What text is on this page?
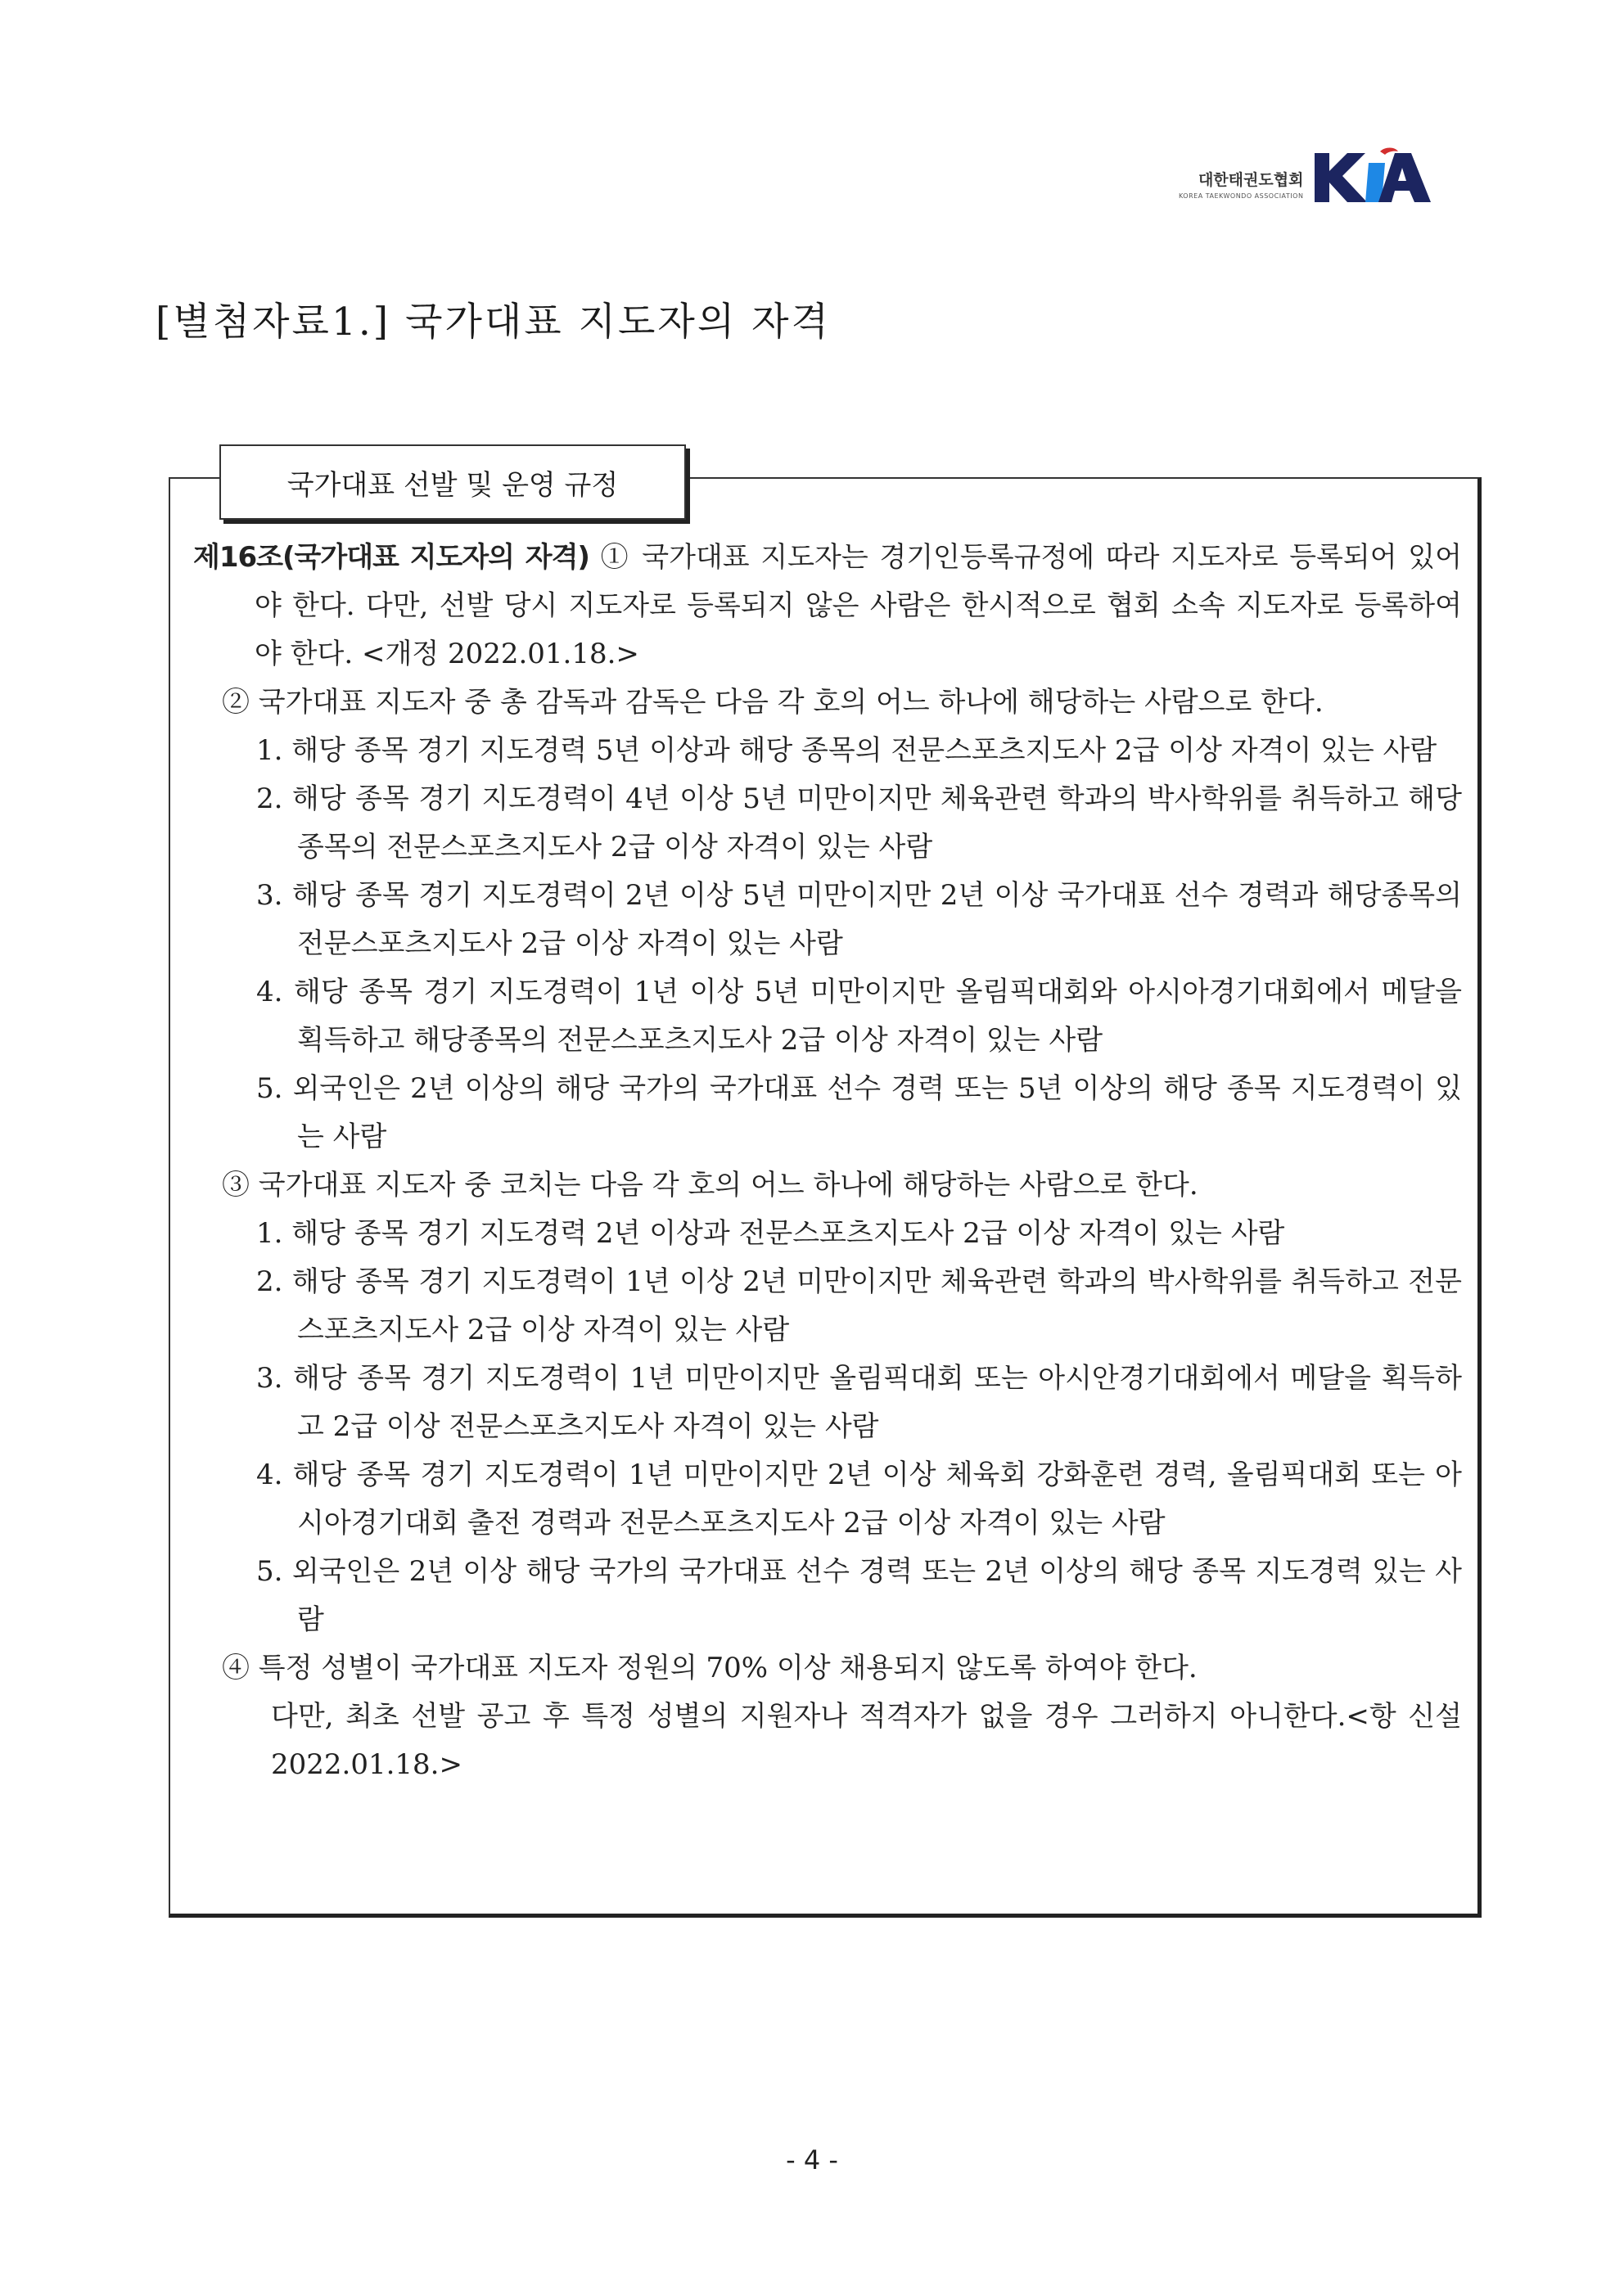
대한태권도협회
KOREA TAEKWONDO ASSOCIATION
[별첨자료1.] 국가대표 지도자의 자격
국가대표 선발 및 운영 규정
제16조(국가대표 지도자의 자격) ① 국가대표 지도자는 경기인등록규정에 따라 지도자로 등록되어 있어야 한다. 다만, 선발 당시 지도자로 등록되지 않은 사람은 한시적으로 협회 소속 지도자로 등록하여야 한다. <개정 2022.01.18.>
② 국가대표 지도자 중 총 감독과 감독은 다음 각 호의 어느 하나에 해당하는 사람으로 한다.
1. 해당 종목 경기 지도경력 5년 이상과 해당 종목의 전문스포츠지도사 2급 이상 자격이 있는 사람
2. 해당 종목 경기 지도경력이 4년 이상 5년 미만이지만 체육관련 학과의 박사학위를 취득하고 해당종목의 전문스포츠지도사 2급 이상 자격이 있는 사람
3. 해당 종목 경기 지도경력이 2년 이상 5년 미만이지만 2년 이상 국가대표 선수 경력과 해당종목의 전문스포츠지도사 2급 이상 자격이 있는 사람
4. 해당 종목 경기 지도경력이 1년 이상 5년 미만이지만 올림픽대회와 아시아경기대회에서 메달을 획득하고 해당종목의 전문스포츠지도사 2급 이상 자격이 있는 사람
5. 외국인은 2년 이상의 해당 국가의 국가대표 선수 경력 또는 5년 이상의 해당 종목 지도경력이 있는 사람
③ 국가대표 지도자 중 코치는 다음 각 호의 어느 하나에 해당하는 사람으로 한다.
1. 해당 종목 경기 지도경력 2년 이상과 전문스포츠지도사 2급 이상 자격이 있는 사람
2. 해당 종목 경기 지도경력이 1년 이상 2년 미만이지만 체육관련 학과의 박사학위를 취득하고 전문스포츠지도사 2급 이상 자격이 있는 사람
3. 해당 종목 경기 지도경력이 1년 미만이지만 올림픽대회 또는 아시안경기대회에서 메달을 획득하고 2급 이상 전문스포츠지도사 자격이 있는 사람
4. 해당 종목 경기 지도경력이 1년 미만이지만 2년 이상 체육회 강화훈련 경력, 올림픽대회 또는 아시아경기대회 출전 경력과 전문스포츠지도사 2급 이상 자격이 있는 사람
5. 외국인은 2년 이상 해당 국가의 국가대표 선수 경력 또는 2년 이상의 해당 종목 지도경력 있는 사람
④ 특정 성별이 국가대표 지도자 정원의 70% 이상 채용되지 않도록 하여야 한다.
다만, 최초 선발 공고 후 특정 성별의 지원자나 적격자가 없을 경우 그러하지 아니한다.<항 신설 2022.01.18.>
- 4 -
